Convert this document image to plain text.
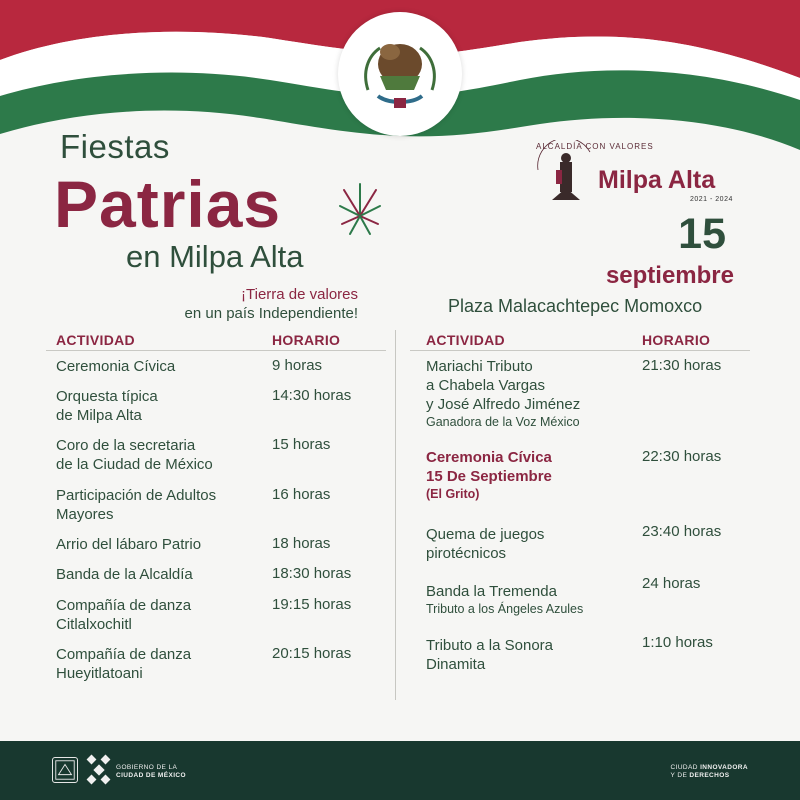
Fiestas
Patrias
en Milpa Alta
¡Tierra de valores
en un país Independiente!
ALCALDÍA CON VALORES
Milpa Alta
2021 - 2024
15
septiembre
Plaza Malacachtepec Momoxco
ACTIVIDAD	HORARIO	ACTIVIDAD	HORARIO
Ceremonia Cívica	9 horas
Orquesta típica
de Milpa Alta
14:30 horas
Coro de la secretaria
de la Ciudad de México
15 horas
Participación de Adultos
Mayores
16 horas
Arrio del lábaro Patrio	18 horas
Banda de la Alcaldía	18:30 horas
Compañía de danza
Citlalxochitl
19:15 horas
Compañía de danza
Hueyitlatoani
20:15 horas
Mariachi Tributo
a Chabela Vargas
y José Alfredo Jiménez
Ganadora de la Voz México
21:30 horas
Ceremonia Cívica
15 De Septiembre
(El Grito)
22:30 horas
Quema de juegos
pirotécnicos
23:40 horas
Banda la Tremenda
Tributo a los Ángeles Azules
24 horas
Tributo a la Sonora
Dinamita
1:10 horas
GOBIERNO DE LA
CIUDAD DE MÉXICO
CIUDAD INNOVADORA
Y DE DERECHOS
